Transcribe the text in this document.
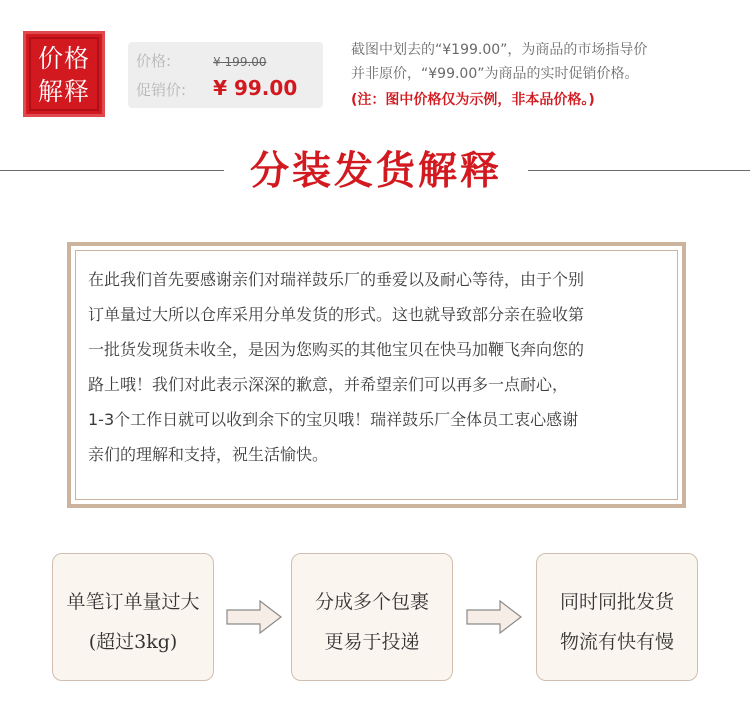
价格
解释
价格:	¥ 199.00
促销价: ¥ 99.00

截图中划去的“¥199.00”，为商品的市场指导价

并非原价，“¥99.00”为商品的实时促销价格。

(注：图中价格仅为示例，非本品价格。)

分装发货解释
在此我们首先要感谢亲们对瑞祥鼓乐厂的垂爱以及耐心等待，由于个别
订单量过大所以仓库采用分单发货的形式。这也就导致部分亲在验收第
一批货发现货未收全，是因为您购买的其他宝贝在快马加鞭飞奔向您的
路上哦！我们对此表示深深的歉意，并希望亲们可以再多一点耐心，
1-3个工作日就可以收到余下的宝贝哦！瑞祥鼓乐厂全体员工衷心感谢
亲们的理解和支持，祝生活愉快。
单笔订单量过大
(超过3kg)
分成多个包裹
更易于投递
同时同批发货
物流有快有慢
